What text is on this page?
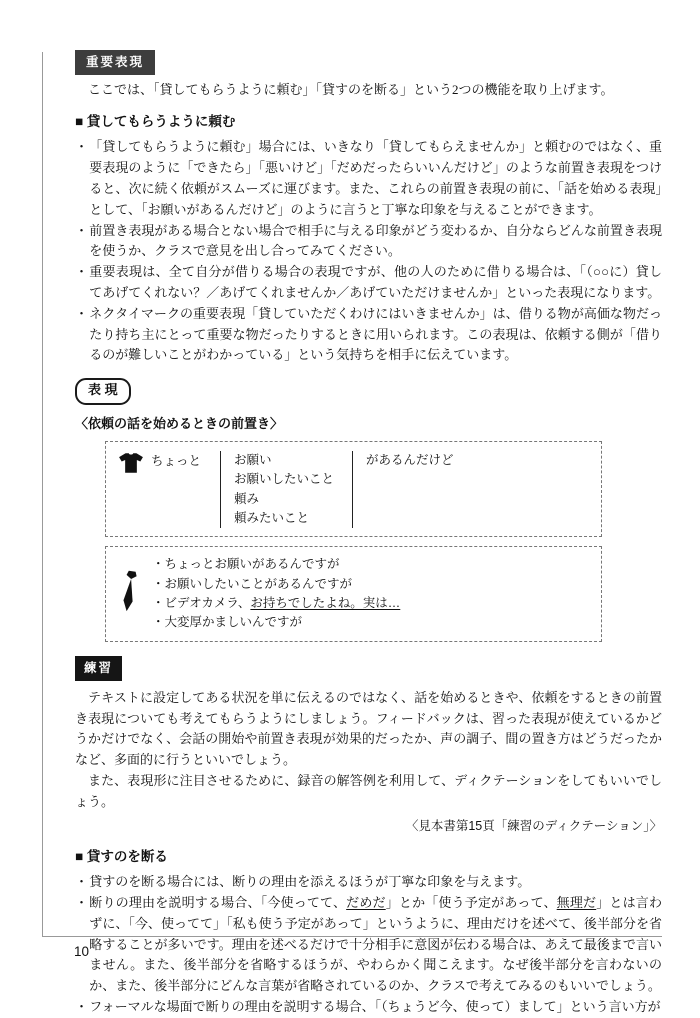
重要表現

ここでは、「貸してもらうように頼む」「貸すのを断る」という2つの機能を取り上げます。

■ 貸してもらうように頼む
・ 「貸してもらうように頼む」場合には、いきなり「貸してもらえませんか」と頼むのではなく、重要表現のように「できたら」「悪いけど」「だめだったらいいんだけど」のような前置き表現をつけると、次に続く依頼がスムーズに運びます。また、これらの前置き表現の前に、「話を始める表現」として、「お願いがあるんだけど」のように言うと丁寧な印象を与えることができます。
・ 前置き表現がある場合とない場合で相手に与える印象がどう変わるか、自分ならどんな前置き表現を使うか、クラスで意見を出し合ってみてください。
・ 重要表現は、全て自分が借りる場合の表現ですが、他の人のために借りる場合は、「（○○に）貸してあげてくれない？／あげてくれませんか／あげていただけませんか」といった表現になります。
・ ネクタイマークの重要表現「貸していただくわけにはいきませんか」は、借りる物が高価な物だったり持ち主にとって重要な物だったりするときに用いられます。この表現は、依頼する側が「借りるのが難しいことがわかっている」という気持ちを相手に伝えています。
表 現
〈依頼の話を始めるときの前置き〉
ちょっと	お願い
お願いしたいこと
頼み
頼みたいこと
があるんだけど
・ちょっとお願いがあるんですが
・お願いしたいことがあるんですが
・ビデオカメラ、お持ちでしたよね。実は…
・大変厚かましいんですが
練習

テキストに設定してある状況を単に伝えるのではなく、話を始めるときや、依頼をするときの前置き表現についても考えてもらうようにしましょう。フィードバックは、習った表現が使えているかどうかだけでなく、会話の開始や前置き表現が効果的だったか、声の調子、間の置き方はどうだったかなど、多面的に行うといいでしょう。

また、表現形に注目させるために、録音の解答例を利用して、ディクテーションをしてもいいでしょう。

〈見本書第15頁「練習のディクテーション」〉
■ 貸すのを断る
・ 貸すのを断る場合には、断りの理由を添えるほうが丁寧な印象を与えます。
・ 断りの理由を説明する場合、「今使ってて、だめだ」とか「使う予定があって、無理だ」とは言わずに、「今、使ってて」「私も使う予定があって」というように、理由だけを述べて、後半部分を省略することが多いです。理由を述べるだけで十分相手に意図が伝わる場合は、あえて最後まで言いません。また、後半部分を省略するほうが、やわらかく聞こえます。なぜ後半部分を言わないのか、また、後半部分にどんな言葉が省略されているのか、クラスで考えてみるのもいいでしょう。
・ フォーマルな場面で断りの理由を説明する場合、「（ちょうど今、使って）まして」という言い方が
10
